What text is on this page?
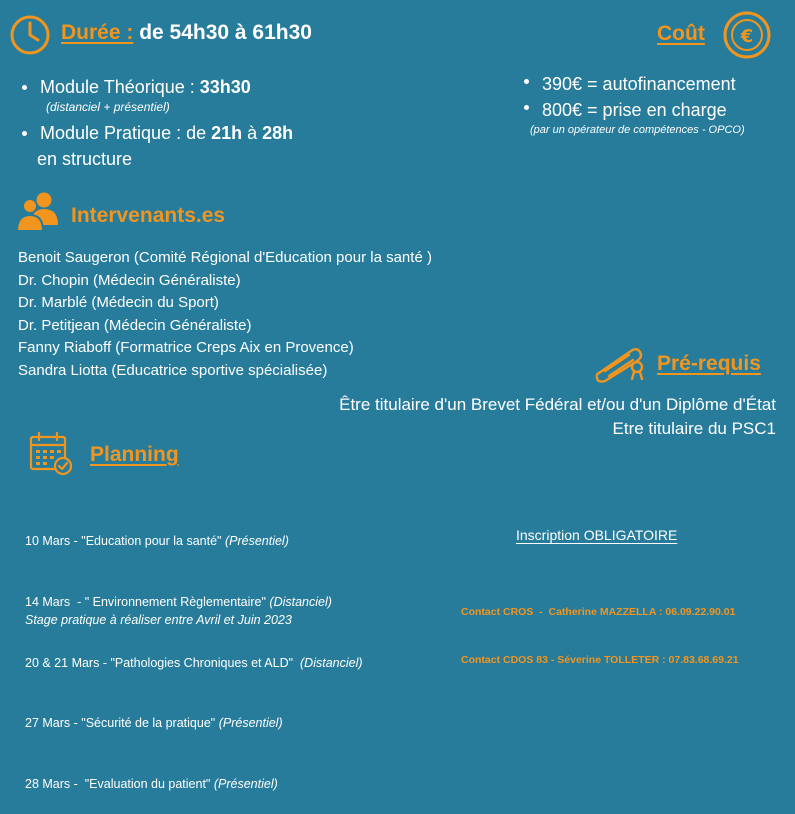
Durée : de 54h30 à 61h30
Module Théorique : 33h30
(distanciel + présentiel)
Module Pratique : de 21h à 28h
en structure
Coût €
390€ = autofinancement
800€ = prise en charge
(par un opérateur de compétences - OPCO)
Intervenants.es
Benoit Saugeron (Comité Régional d'Education pour la santé )
Dr. Chopin (Médecin Généraliste)
Dr. Marblé (Médecin du Sport)
Dr. Petitjean (Médecin Généraliste)
Fanny Riaboff (Formatrice Creps Aix en Provence)
Sandra Liotta (Educatrice sportive spécialisée)	Pré-requis
Être titulaire d'un Brevet Fédéral et/ou d'un Diplôme d'État
Etre titulaire du PSC1
Planning

10 Mars - "Education pour la santé" (Présentiel)

14 Mars  - " Environnement Règlementaire" (Distanciel)

20 & 21 Mars - "Pathologies Chroniques et ALD"  (Distanciel)

27 Mars - "Sécurité de la pratique" (Présentiel)

28 Mars -  "Evaluation du patient" (Présentiel)

Stage pratique à réaliser entre Avril et Juin 2023
Inscription OBLIGATOIRE

Contact CROS  -  Catherine MAZZELLA : 06.09.22.90.01

Contact CDOS 83 - Séverine TOLLETER : 07.83.68.69.21
